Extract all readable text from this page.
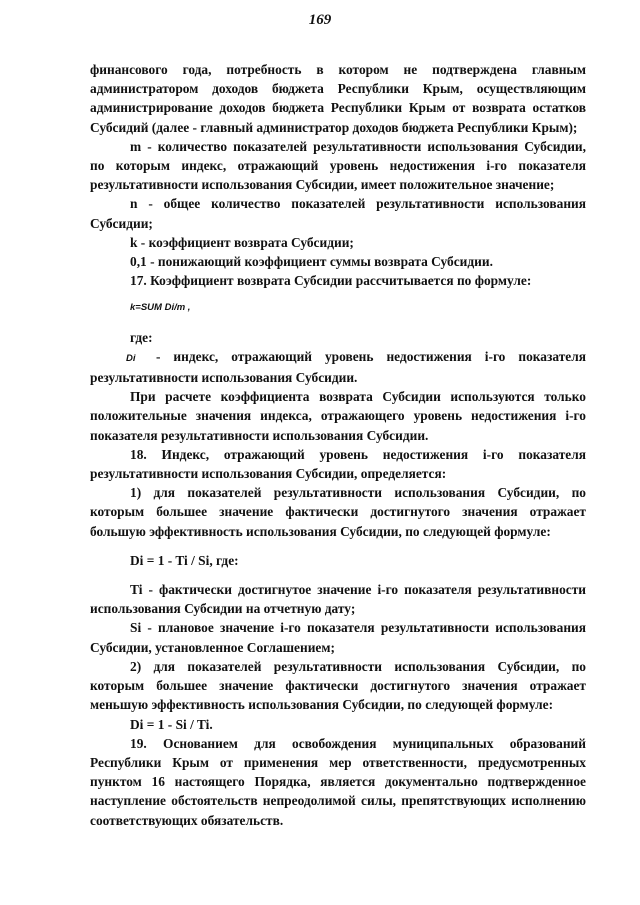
169

финансового года, потребность в котором не подтверждена главным администратором доходов бюджета Республики Крым, осуществляющим администрирование доходов бюджета Республики Крым от возврата остатков Субсидий (далее - главный администратор доходов бюджета Республики Крым);

m - количество показателей результативности использования Субсидии, по которым индекс, отражающий уровень недостижения i-го показателя результативности использования Субсидии, имеет положительное значение;

n - общее количество показателей результативности использования Субсидии;

k - коэффициент возврата Субсидии;

0,1 - понижающий коэффициент суммы возврата Субсидии.

17. Коэффициент возврата Субсидии рассчитывается по формуле:

k=SUM Di/m ,

где:

Di - индекс, отражающий уровень недостижения i-го показателя результативности использования Субсидии.

При расчете коэффициента возврата Субсидии используются только положительные значения индекса, отражающего уровень недостижения i-го показателя результативности использования Субсидии.

18. Индекс, отражающий уровень недостижения i-го показателя результативности использования Субсидии, определяется:

1) для показателей результативности использования Субсидии, по которым большее значение фактически достигнутого значения отражает большую эффективность использования Субсидии, по следующей формуле:

Di = 1 - Ti / Si, где:

Ti - фактически достигнутое значение i-го показателя результативности использования Субсидии на отчетную дату;

Si - плановое значение i-го показателя результативности использования Субсидии, установленное Соглашением;

2) для показателей результативности использования Субсидии, по которым большее значение фактически достигнутого значения отражает меньшую эффективность использования Субсидии, по следующей формуле:

Di = 1 - Si / Ti.

19. Основанием для освобождения муниципальных образований Республики Крым от применения мер ответственности, предусмотренных пунктом 16 настоящего Порядка, является документально подтвержденное наступление обстоятельств непреодолимой силы, препятствующих исполнению соответствующих обязательств.
